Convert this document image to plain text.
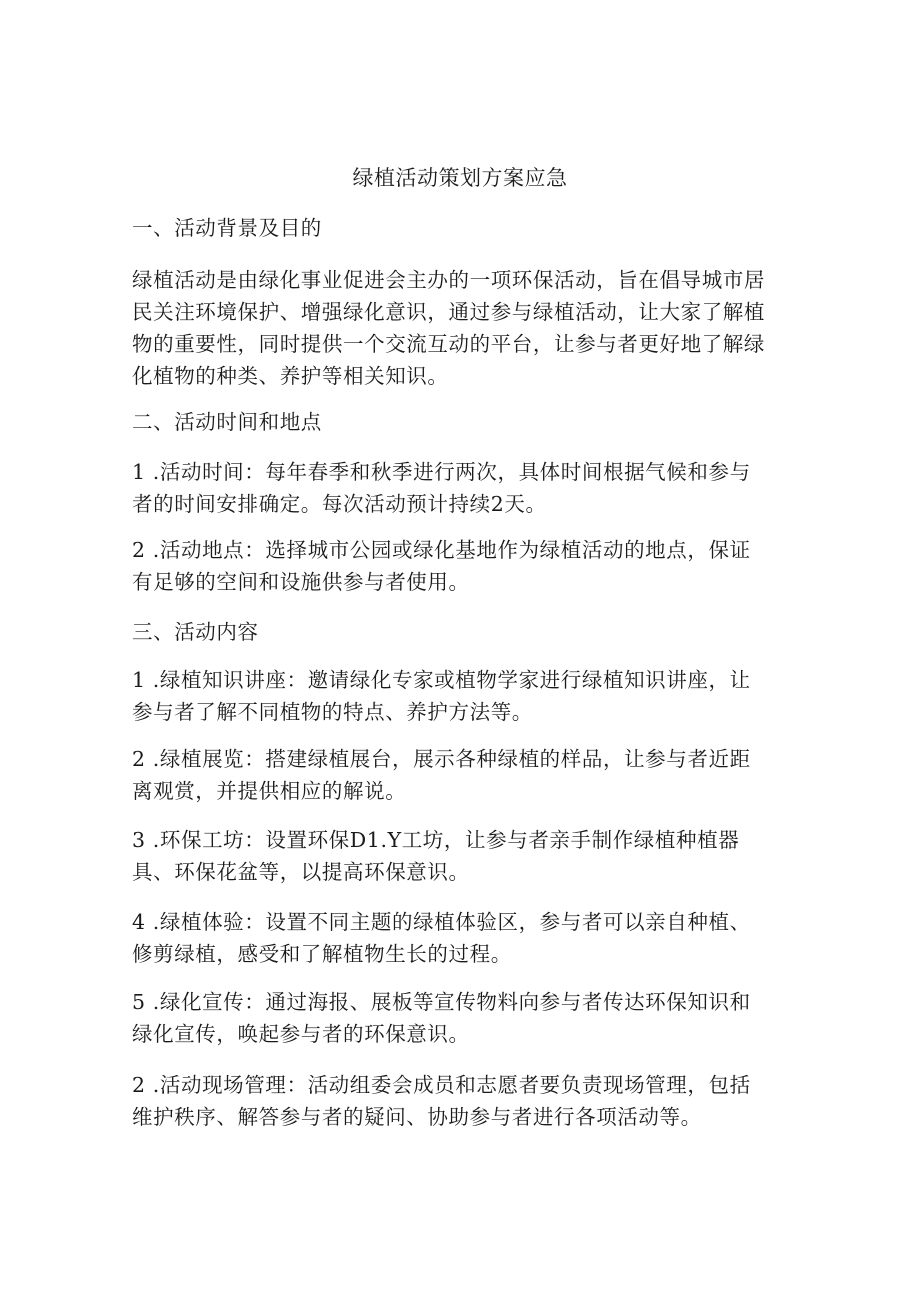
绿植活动策划方案应急
一、活动背景及目的
绿植活动是由绿化事业促进会主办的一项环保活动，旨在倡导城市居
民关注环境保护、增强绿化意识，通过参与绿植活动，让大家了解植
物的重要性，同时提供一个交流互动的平台，让参与者更好地了解绿
化植物的种类、养护等相关知识。
二、活动时间和地点
1 .活动时间：每年春季和秋季进行两次，具体时间根据气候和参与
者的时间安排确定。每次活动预计持续2天。
2 .活动地点：选择城市公园或绿化基地作为绿植活动的地点，保证
有足够的空间和设施供参与者使用。
三、活动内容
1 .绿植知识讲座：邀请绿化专家或植物学家进行绿植知识讲座，让
参与者了解不同植物的特点、养护方法等。
2 .绿植展览：搭建绿植展台，展示各种绿植的样品，让参与者近距
离观赏，并提供相应的解说。
3 .环保工坊：设置环保D1.Y工坊，让参与者亲手制作绿植种植器
具、环保花盆等，以提高环保意识。
4 .绿植体验：设置不同主题的绿植体验区，参与者可以亲自种植、
修剪绿植，感受和了解植物生长的过程。
5 .绿化宣传：通过海报、展板等宣传物料向参与者传达环保知识和
绿化宣传，唤起参与者的环保意识。
2 .活动现场管理：活动组委会成员和志愿者要负责现场管理，包括
维护秩序、解答参与者的疑问、协助参与者进行各项活动等。
